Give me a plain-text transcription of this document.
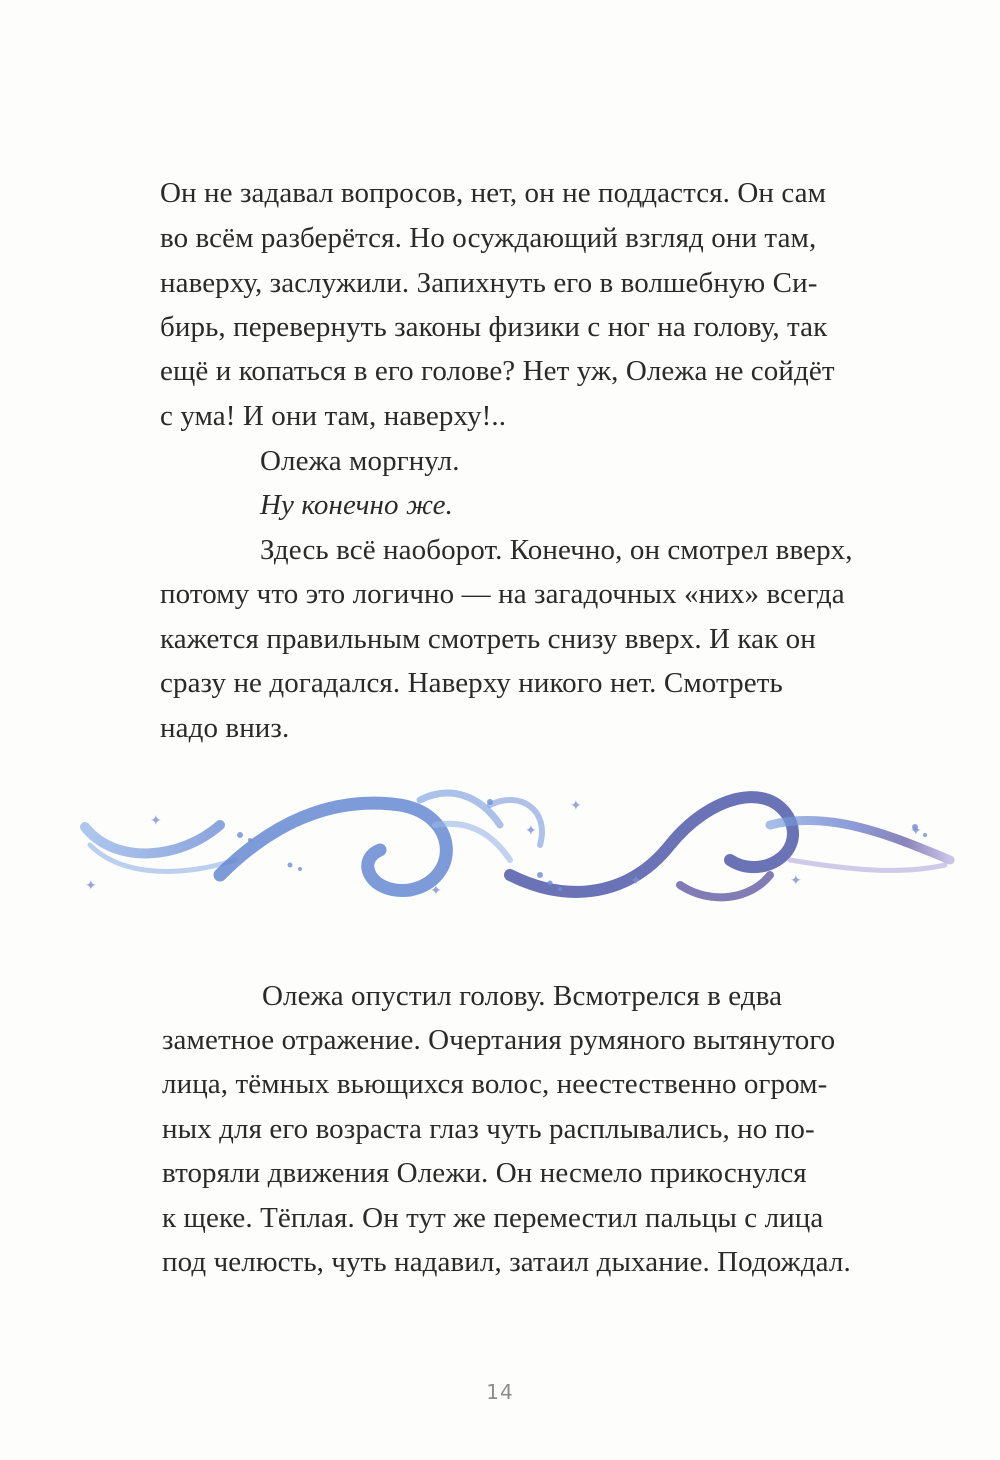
Он не задавал вопросов, нет, он не поддастся. Он сам
во всём разберётся. Но осуждающий взгляд они там,
наверху, заслужили. Запихнуть его в волшебную Си-
бирь, перевернуть законы физики с ног на голову, так
ещё и копаться в его голове? Нет уж, Олежа не сойдёт
с ума! И они там, наверху!..
Олежа моргнул.
Ну конечно же.
Здесь всё наоборот. Конечно, он смотрел вверх,
потому что это логично — на загадочных «них» всегда
кажется правильным смотреть снизу вверх. И как он
сразу не догадался. Наверху никого нет. Смотреть
надо вниз.
✦
✦
✦
✦
✦
✦
✦
✦
Олежа опустил голову. Всмотрелся в едва
заметное отражение. Очертания румяного вытянутого
лица, тёмных вьющихся волос, неестественно огром-
ных для его возраста глаз чуть расплывались, но по-
вторяли движения Олежи. Он несмело прикоснулся
к щеке. Тёплая. Он тут же переместил пальцы с лица
под челюсть, чуть надавил, затаил дыхание. Подождал.
14
